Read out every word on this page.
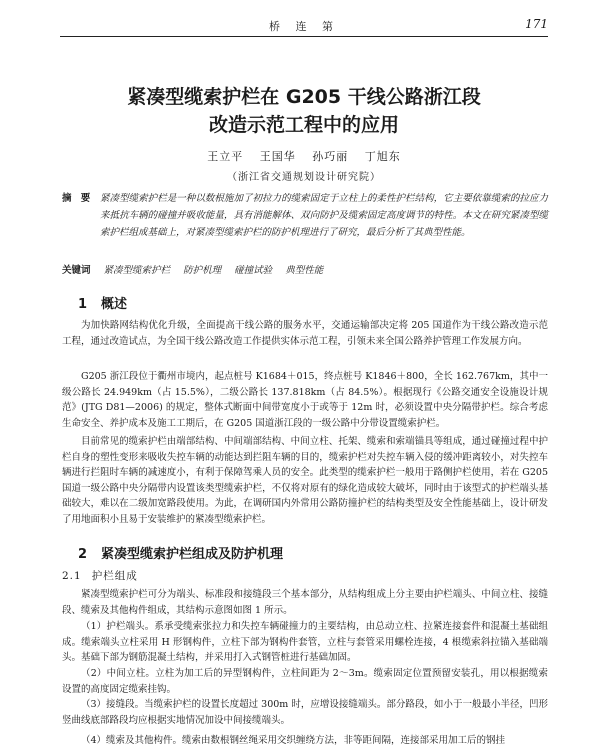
桥 连 第	171
紧凑型缆索护栏在 G205 干线公路浙江段
改造示范工程中的应用
王立平 王国华 孙巧丽 丁旭东
（浙江省交通规划设计研究院）
摘 要 紧凑型缆索护栏是一种以数根施加了初拉力的缆索固定于立柱上的柔性护栏结构，它主要依靠缆索的拉应力来抵抗车辆的碰撞并吸收能量，具有消能解体、双向防护及缆索固定高度调节的特性。本文在研究紧凑型缆索护栏组成基础上，对紧凑型缆索护栏的防护机理进行了研究，最后分析了其典型性能。
关键词 紧凑型缆索护栏 防护机理 碰撞试验 典型性能
1 概述
为加快路网结构优化升级，全面提高干线公路的服务水平，交通运输部决定将 205 国道作为干线公路改造示范工程，通过改造试点，为全国干线公路改造工作提供实体示范工程，引领未来全国公路养护管理工作发展方向。
G205 浙江段位于衢州市境内，起点桩号 K1684＋015，终点桩号 K1846＋800，全长 162.767km，其中一级公路长 24.949km（占 15.5%），二级公路长 137.818km（占 84.5%）。根据现行《公路交通安全设施设计规范》(JTG D81—2006) 的规定，整体式断面中间带宽度小于或等于 12m 时，必须设置中央分隔带护栏。综合考虑生命安全、养护成本及施工工期后，在 G205 国道浙江段的一级公路中分带设置缆索护栏。
目前常见的缆索护栏由端部结构、中间端部结构、中间立柱、托架、缆索和索端锚具等组成，通过碰撞过程中护栏自身的塑性变形来吸收失控车辆的动能达到拦阻车辆的目的，缆索护栏对失控车辆入侵的缓冲距离较小，对失控车辆进行拦阻时车辆的减速度小，有利于保障驾乘人员的安全。此类型的缆索护栏一般用于路侧护栏使用，若在 G205 国道一级公路中央分隔带内设置该类型缆索护栏，不仅将对原有的绿化造成较大破坏，同时由于该型式的护栏端头基础较大，难以在二级加宽路段使用。为此，在调研国内外常用公路防撞护栏的结构类型及安全性能基础上，设计研发了用地面积小且易于安装维护的紧凑型缆索护栏。
2 紧凑型缆索护栏组成及防护机理
2.1 护栏组成
紧凑型缆索护栏可分为端头、标准段和接缝段三个基本部分，从结构组成上分主要由护栏端头、中间立柱、接缝段、缆索及其他构件组成，其结构示意图如图 1 所示。
（1）护栏端头。系承受缆索张拉力和失控车辆碰撞力的主要结构，由总动立柱、拉紧连接套件和混凝土基础组成。缆索端头立柱采用 H 形钢构件，立柱下部为钢构件套管，立柱与套管采用螺栓连接，4 根缆索斜拉锚入基础端头。基础下部为钢筋混凝土结构，并采用打入式钢管桩进行基础加固。
（2）中间立柱。立柱为加工后的异型钢构件，立柱间距为 2～3m。缆索固定位置预留安装孔，用以根据缆索设置的高度固定缆索挂钩。
（3）接缝段。当缆索护栏的设置长度超过 300m 时，应增设接缝端头。部分路段，如小于一般最小半径，凹形竖曲线底部路段均应根据实地情况加设中间接缆端头。
（4）缆索及其他构件。缆索由数根钢丝绳采用交织缠绕方法，非等距间隔，连接部采用加工后的钢挂
